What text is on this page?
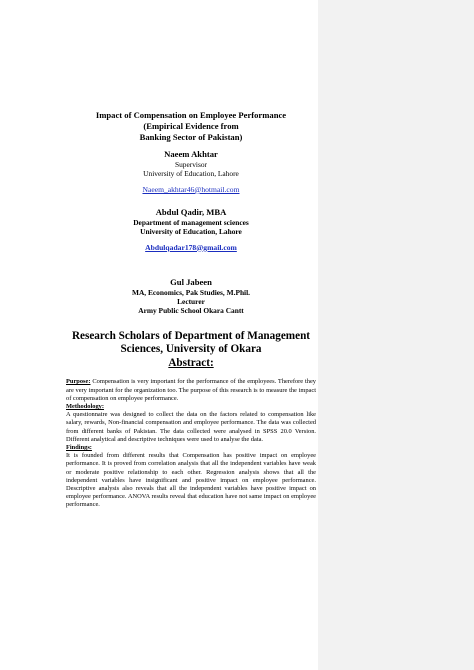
Impact of Compensation on Employee Performance
(Empirical Evidence from
Banking Sector of Pakistan)
Naeem Akhtar
Supervisor
University of Education, Lahore
Naeem_akhtar46@hotmail.com
Abdul Qadir, MBA
Department of management sciences
University of Education, Lahore
Abdulqadar178@gmail.com
Gul Jabeen
MA, Economics, Pak Studies, M.Phil.
Lecturer
Army Public School Okara Cantt
Research Scholars of Department of Management
Sciences, University of Okara
Abstract:
Purpose: Compensation is very important for the performance of the employees. Therefore they are very important for the organization too. The purpose of this research is to measure the impact of compensation on employee performance.
Methodology:
A questionnaire was designed to collect the data on the factors related to compensation like salary, rewards, Non-financial compensation and employee performance. The data was collected from different banks of Pakistan. The data collected were analysed in SPSS 20.0 Version. Different analytical and descriptive techniques were used to analyse the data.
Findings:
It is founded from different results that Compensation has positive impact on employee performance. It is proved from correlation analysis that all the independent variables have weak or moderate positive relationship to each other. Regression analysis shows that all the independent variables have insignificant and positive impact on employee performance. Descriptive analysis also reveals that all the independent variables have positive impact on employee performance. ANOVA results reveal that education have not same impact on employee performance.
